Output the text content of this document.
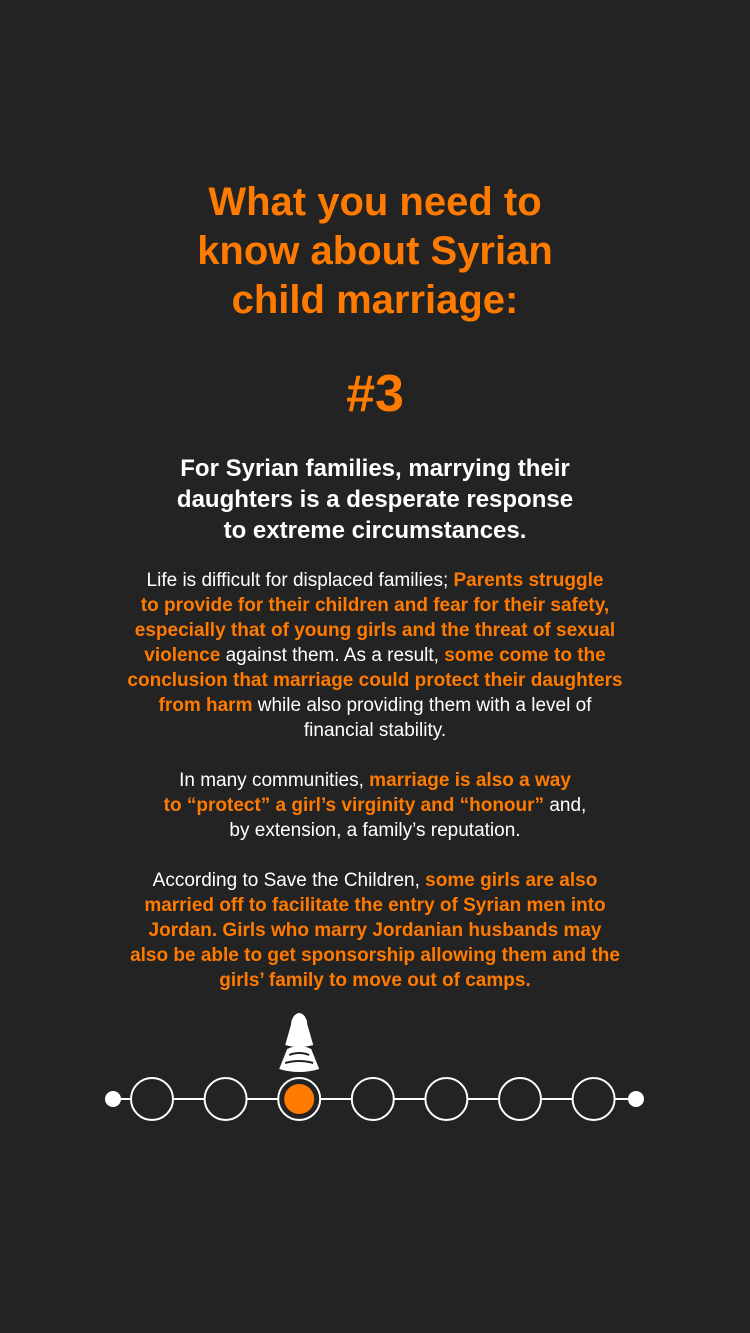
What you need to
know about Syrian
child marriage:
#3
For Syrian families, marrying their
daughters is a desperate response
to extreme circumstances.

Life is difficult for displaced families; Parents struggle
to provide for their children and fear for their safety,
especially that of young girls and the threat of sexual
violence against them. As a result, some come to the
conclusion that marriage could protect their daughters
from harm while also providing them with a level of
financial stability.

In many communities, marriage is also a way
to “protect” a girl’s virginity and “honour” and,
by extension, a family’s reputation.

According to Save the Children, some girls are also
married off to facilitate the entry of Syrian men into
Jordan. Girls who marry Jordanian husbands may
also be able to get sponsorship allowing them and the
girls’ family to move out of camps.
